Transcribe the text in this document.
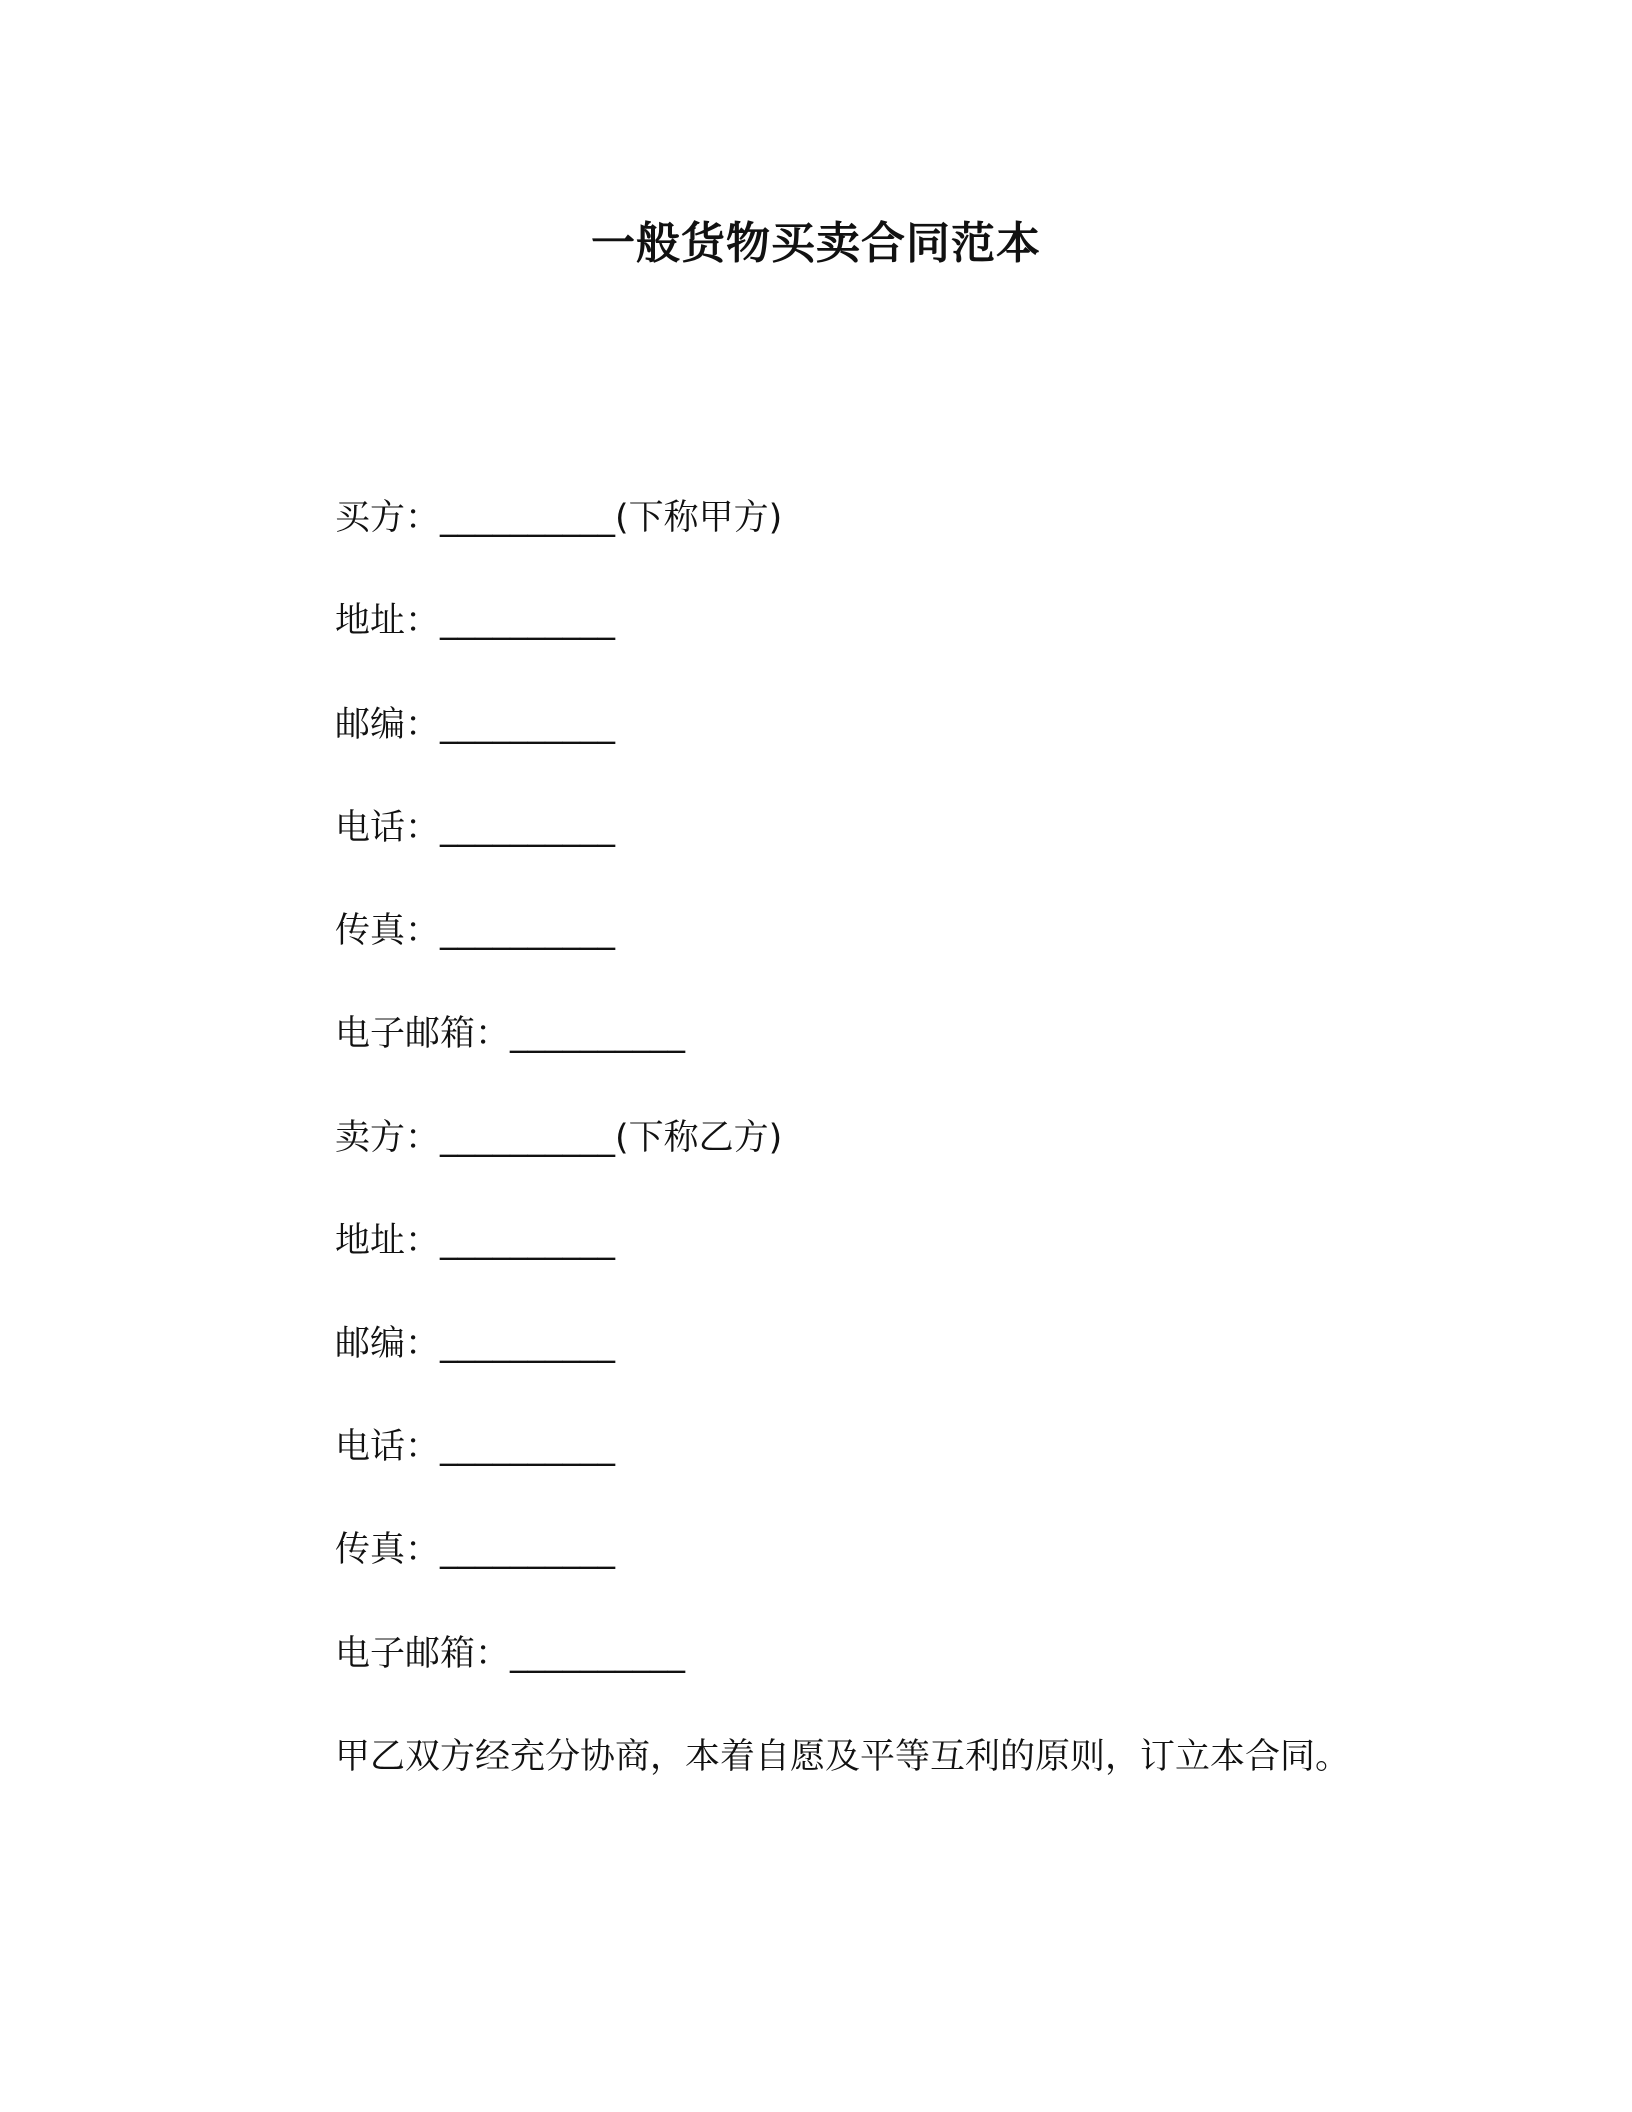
一般货物买卖合同范本
买方：__________(下称甲方)
地址：__________
邮编：__________
电话：__________
传真：__________
电子邮箱：__________
卖方：__________(下称乙方)
地址：__________
邮编：__________
电话：__________
传真：__________
电子邮箱：__________
甲乙双方经充分协商，本着自愿及平等互利的原则，订立本合同。
